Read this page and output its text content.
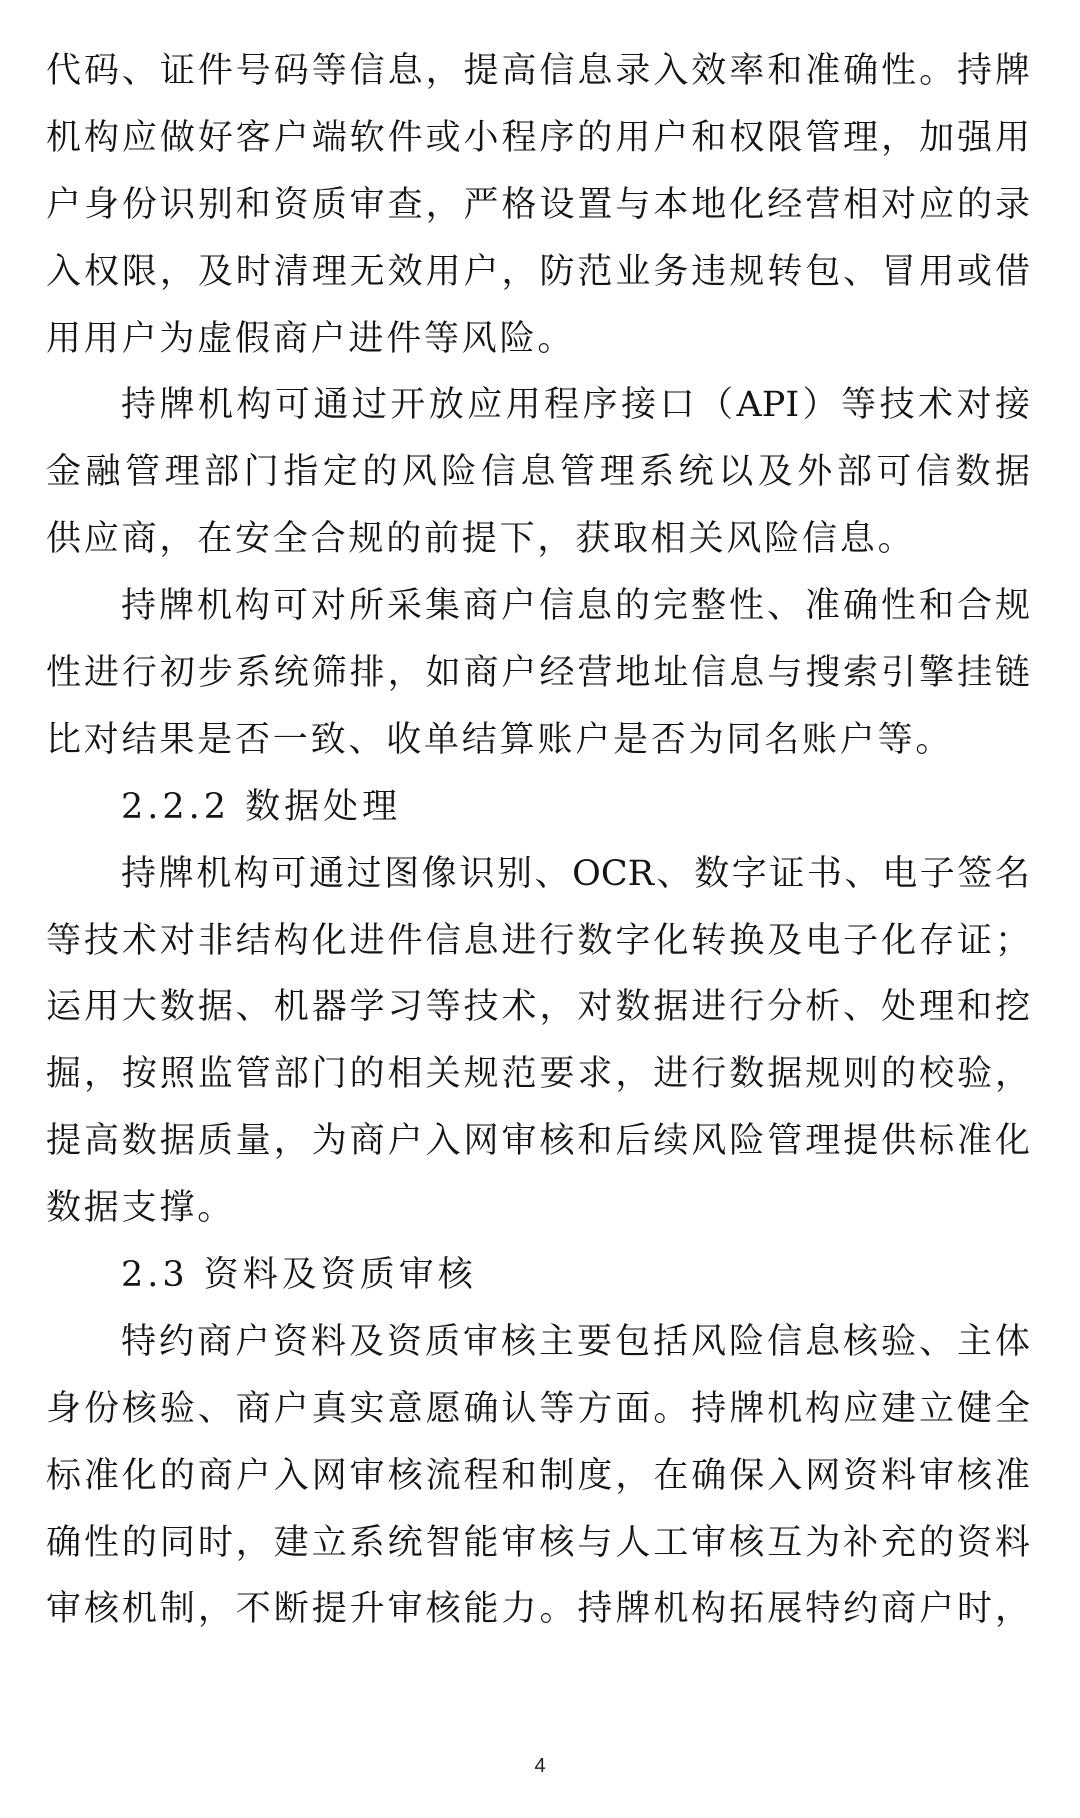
代码、证件号码等信息，提高信息录入效率和准确性。持牌
机构应做好客户端软件或小程序的用户和权限管理，加强用
户身份识别和资质审查，严格设置与本地化经营相对应的录
入权限，及时清理无效用户，防范业务违规转包、冒用或借
用用户为虚假商户进件等风险。
持牌机构可通过开放应用程序接口（API）等技术对接
金融管理部门指定的风险信息管理系统以及外部可信数据
供应商，在安全合规的前提下，获取相关风险信息。
持牌机构可对所采集商户信息的完整性、准确性和合规
性进行初步系统筛排，如商户经营地址信息与搜索引擎挂链
比对结果是否一致、收单结算账户是否为同名账户等。
2.2.2 数据处理
持牌机构可通过图像识别、OCR、数字证书、电子签名
等技术对非结构化进件信息进行数字化转换及电子化存证；
运用大数据、机器学习等技术，对数据进行分析、处理和挖
掘，按照监管部门的相关规范要求，进行数据规则的校验，
提高数据质量，为商户入网审核和后续风险管理提供标准化
数据支撑。
2.3 资料及资质审核
特约商户资料及资质审核主要包括风险信息核验、主体
身份核验、商户真实意愿确认等方面。持牌机构应建立健全
标准化的商户入网审核流程和制度，在确保入网资料审核准
确性的同时，建立系统智能审核与人工审核互为补充的资料
审核机制，不断提升审核能力。持牌机构拓展特约商户时，
4
